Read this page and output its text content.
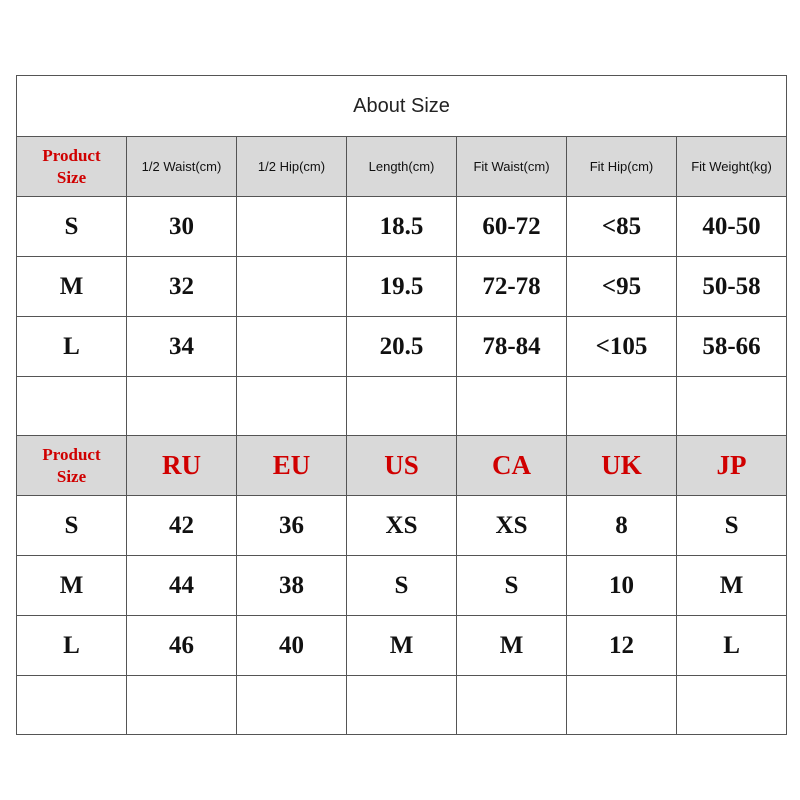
About Size						

Product
Size	1/2 Waist(cm)	1/2 Hip(cm)	Length(cm)	Fit Waist(cm)	Fit Hip(cm)	Fit Weight(kg)
S	30		18.5	60-72	<85	40-50
M	32		19.5	72-78	<95	50-58
L	34		20.5	78-84	<105	58-66

Product
Size	RU	EU	US	CA	UK	JP
S	42	36	XS	XS	8	S
M	44	38	S	S	10	M
L	46	40	M	M	12	L
